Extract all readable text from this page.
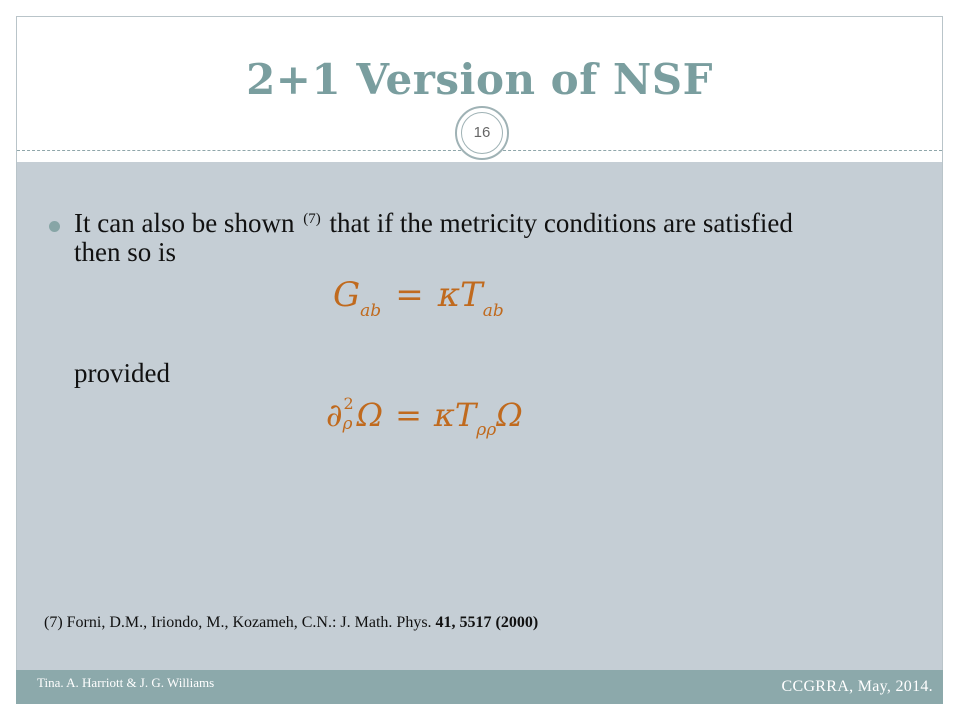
2+1 Version of NSF
16
It can also be shown $^{(7)}$ that if the metricity conditions are satisfied then so is
$G_{ab} = \kappa T_{ab}$
provided
∂ 2
ρ $\Omega = \kappa T_{\rho\rho}\Omega$
(7) Forni, D.M., Iriondo, M., Kozameh, C.N.: J. Math. Phys. 41, 5517 (2000)
Tina. A. Harriott & J. G. Williams	CCGRRA, May, 2014.
